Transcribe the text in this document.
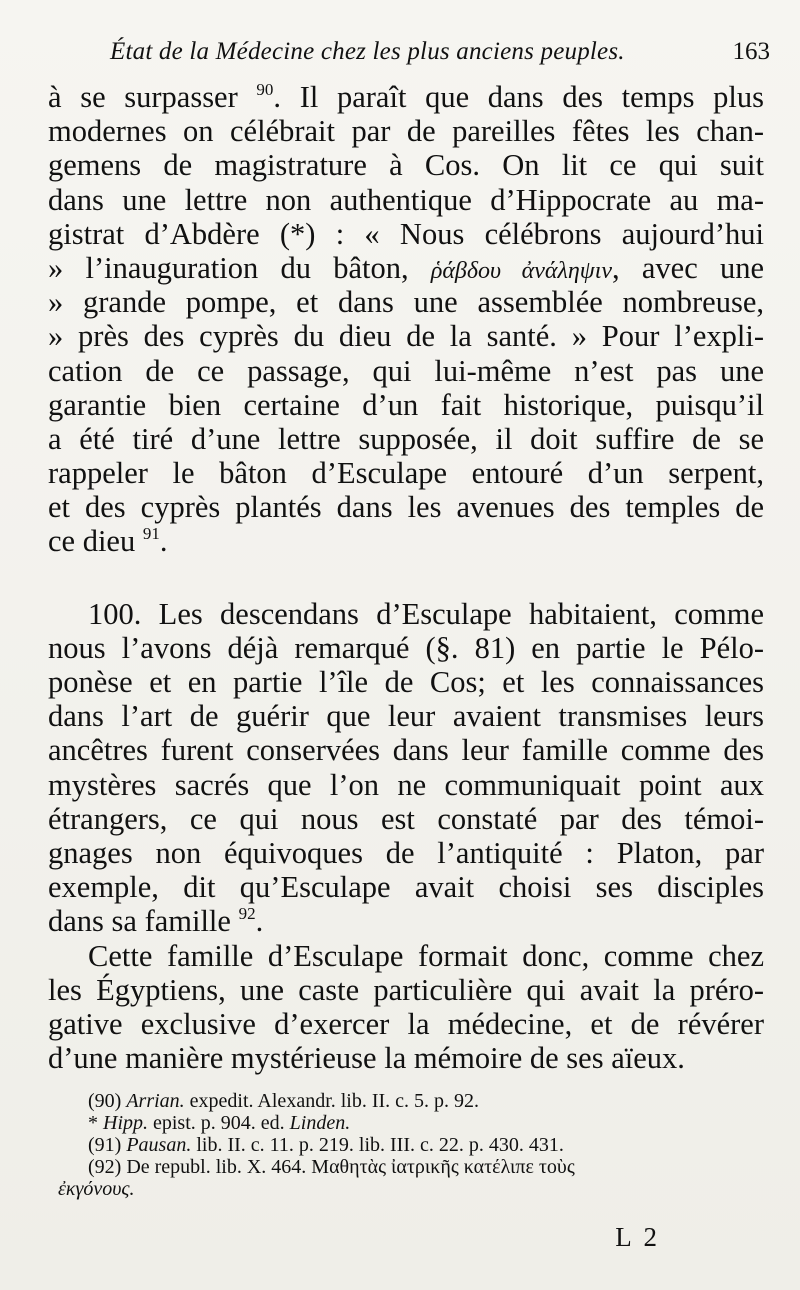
État de la Médecine chez les plus anciens peuples.	163
à se surpasser $^{90}$. Il paraît que dans des temps plus
modernes on célébrait par de pareilles fêtes les chan-
gemens de magistrature à Cos. On lit ce qui suit
dans une lettre non authentique d’Hippocrate au ma-
gistrat d’Abdère (*) : « Nous célébrons aujourd’hui
» l’inauguration du bâton, ῥάβδου ἀνάληψιν, avec une
» grande pompe, et dans une assemblée nombreuse,
» près des cyprès du dieu de la santé. » Pour l’expli-
cation de ce passage, qui lui-même n’est pas une
garantie bien certaine d’un fait historique, puisqu’il
a été tiré d’une lettre supposée, il doit suffire de se
rappeler le bâton d’Esculape entouré d’un serpent,
et des cyprès plantés dans les avenues des temples de
ce dieu $^{91}$.
100. Les descendans d’Esculape habitaient, comme
nous l’avons déjà remarqué (§. 81) en partie le Pélo-
ponèse et en partie l’île de Cos; et les connaissances
dans l’art de guérir que leur avaient transmises leurs
ancêtres furent conservées dans leur famille comme des
mystères sacrés que l’on ne communiquait point aux
étrangers, ce qui nous est constaté par des témoi-
gnages non équivoques de l’antiquité : Platon, par
exemple, dit qu’Esculape avait choisi ses disciples
dans sa famille $^{92}$.
Cette famille d’Esculape formait donc, comme chez
les Égyptiens, une caste particulière qui avait la préro-
gative exclusive d’exercer la médecine, et de révérer
d’une manière mystérieuse la mémoire de ses aïeux.
(90) Arrian. expedit. Alexandr. lib. II. c. 5. p. 92.
* Hipp. epist. p. 904. ed. Linden.
(91) Pausan. lib. II. c. 11. p. 219. lib. III. c. 22. p. 430. 431.
(92) De republ. lib. X. 464. Μαθητὰς ἰατρικῆς κατέλιπε τοὺς
ἐκγόνους.
L 2
